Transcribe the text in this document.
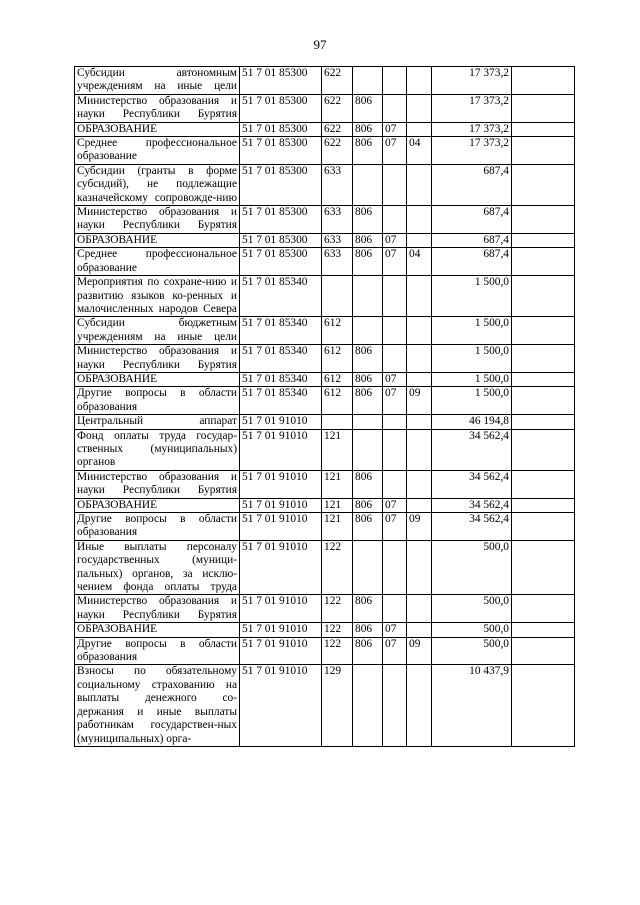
97
Субсидии автономным учреждениям на иные цели	51 7 01 85300	622				17 373,2	
Министерство образования и науки Республики Бурятия	51 7 01 85300	622	806			17 373,2	
ОБРАЗОВАНИЕ	51 7 01 85300	622	806	07		17 373,2	
Среднее профессиональное образование	51 7 01 85300	622	806	07	04	17 373,2	
Субсидии (гранты в форме субсидий), не подлежащие казначейскому сопровожде-нию	51 7 01 85300	633				687,4	
Министерство образования и науки Республики Бурятия	51 7 01 85300	633	806			687,4	
ОБРАЗОВАНИЕ	51 7 01 85300	633	806	07		687,4	
Среднее профессиональное образование	51 7 01 85300	633	806	07	04	687,4	
Мероприятия по сохране-нию и развитию языков ко-ренных и малочисленных народов Севера	51 7 01 85340					1 500,0	
Субсидии бюджетным учреждениям на иные цели	51 7 01 85340	612				1 500,0	
Министерство образования и науки Республики Бурятия	51 7 01 85340	612	806			1 500,0	
ОБРАЗОВАНИЕ	51 7 01 85340	612	806	07		1 500,0	
Другие вопросы в области образования	51 7 01 85340	612	806	07	09	1 500,0	
Центральный аппарат	51 7 01 91010					46 194,8	
Фонд оплаты труда государ-ственных (муниципальных) органов	51 7 01 91010	121				34 562,4	
Министерство образования и науки Республики Бурятия	51 7 01 91010	121	806			34 562,4	
ОБРАЗОВАНИЕ	51 7 01 91010	121	806	07		34 562,4	
Другие вопросы в области образования	51 7 01 91010	121	806	07	09	34 562,4	
Иные выплаты персоналу государственных (муници-пальных) органов, за исклю-чением фонда оплаты труда	51 7 01 91010	122				500,0	
Министерство образования и науки Республики Бурятия	51 7 01 91010	122	806			500,0	
ОБРАЗОВАНИЕ	51 7 01 91010	122	806	07		500,0	
Другие вопросы в области образования	51 7 01 91010	122	806	07	09	500,0	
Взносы по обязательному социальному страхованию на выплаты денежного со-держания и иные выплаты работникам государствен-ных (муниципальных) орга-	51 7 01 91010	129				10 437,9	
